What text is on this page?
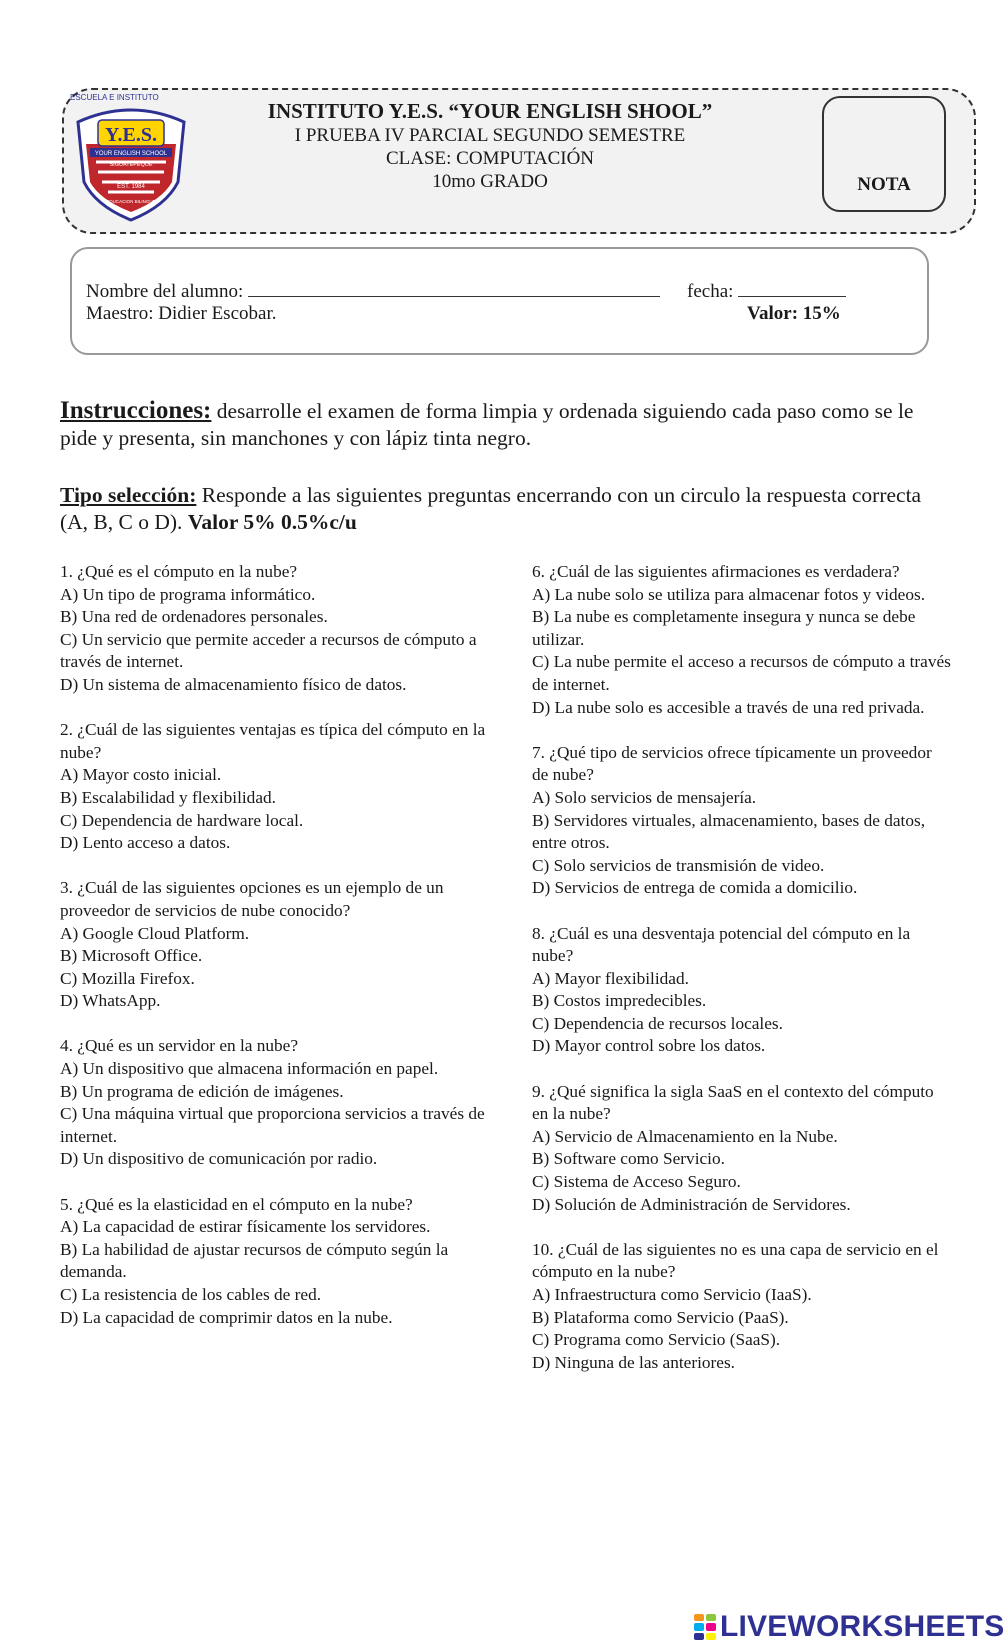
ESCUELA E INSTITUTO
Y.E.S.
YOUR ENGLISH SCHOOL
SIGUATEPEQUE
EST. 1984
EDUCACION BILINGUE
INSTITUTO Y.E.S. “YOUR ENGLISH SHOOL”
I PRUEBA IV PARCIAL SEGUNDO SEMESTRE
CLASE: COMPUTACIÓN
10mo GRADO	NOTA
Nombre del alumno:	fecha:
Maestro: Didier Escobar.	Valor: 15%
Instrucciones: desarrolle el examen de forma limpia y ordenada siguiendo cada paso como se le pide y presenta, sin manchones y con lápiz tinta negro.
Tipo selección: Responde a las siguientes preguntas encerrando con un circulo la respuesta correcta (A, B, C o D). Valor 5% 0.5%c/u
1. ¿Qué es el cómputo en la nube?
A) Un tipo de programa informático.
B) Una red de ordenadores personales.
C) Un servicio que permite acceder a recursos de cómputo a través de internet.
D) Un sistema de almacenamiento físico de datos.
2. ¿Cuál de las siguientes ventajas es típica del cómputo en la nube?
A) Mayor costo inicial.
B) Escalabilidad y flexibilidad.
C) Dependencia de hardware local.
D) Lento acceso a datos.
3. ¿Cuál de las siguientes opciones es un ejemplo de un proveedor de servicios de nube conocido?
A) Google Cloud Platform.
B) Microsoft Office.
C) Mozilla Firefox.
D) WhatsApp.
4. ¿Qué es un servidor en la nube?
A) Un dispositivo que almacena información en papel.
B) Un programa de edición de imágenes.
C) Una máquina virtual que proporciona servicios a través de internet.
D) Un dispositivo de comunicación por radio.
5. ¿Qué es la elasticidad en el cómputo en la nube?
A) La capacidad de estirar físicamente los servidores.
B) La habilidad de ajustar recursos de cómputo según la demanda.
C) La resistencia de los cables de red.
D) La capacidad de comprimir datos en la nube.
6. ¿Cuál de las siguientes afirmaciones es verdadera?
A) La nube solo se utiliza para almacenar fotos y videos.
B) La nube es completamente insegura y nunca se debe utilizar.
C) La nube permite el acceso a recursos de cómputo a través de internet.
D) La nube solo es accesible a través de una red privada.
7. ¿Qué tipo de servicios ofrece típicamente un proveedor de nube?
A) Solo servicios de mensajería.
B) Servidores virtuales, almacenamiento, bases de datos, entre otros.
C) Solo servicios de transmisión de video.
D) Servicios de entrega de comida a domicilio.
8. ¿Cuál es una desventaja potencial del cómputo en la nube?
A) Mayor flexibilidad.
B) Costos impredecibles.
C) Dependencia de recursos locales.
D) Mayor control sobre los datos.
9. ¿Qué significa la sigla SaaS en el contexto del cómputo en la nube?
A) Servicio de Almacenamiento en la Nube.
B) Software como Servicio.
C) Sistema de Acceso Seguro.
D) Solución de Administración de Servidores.
10. ¿Cuál de las siguientes no es una capa de servicio en el cómputo en la nube?
A) Infraestructura como Servicio (IaaS).
B) Plataforma como Servicio (PaaS).
C) Programa como Servicio (SaaS).
D) Ninguna de las anteriores.
LIVEWORKSHEETS
